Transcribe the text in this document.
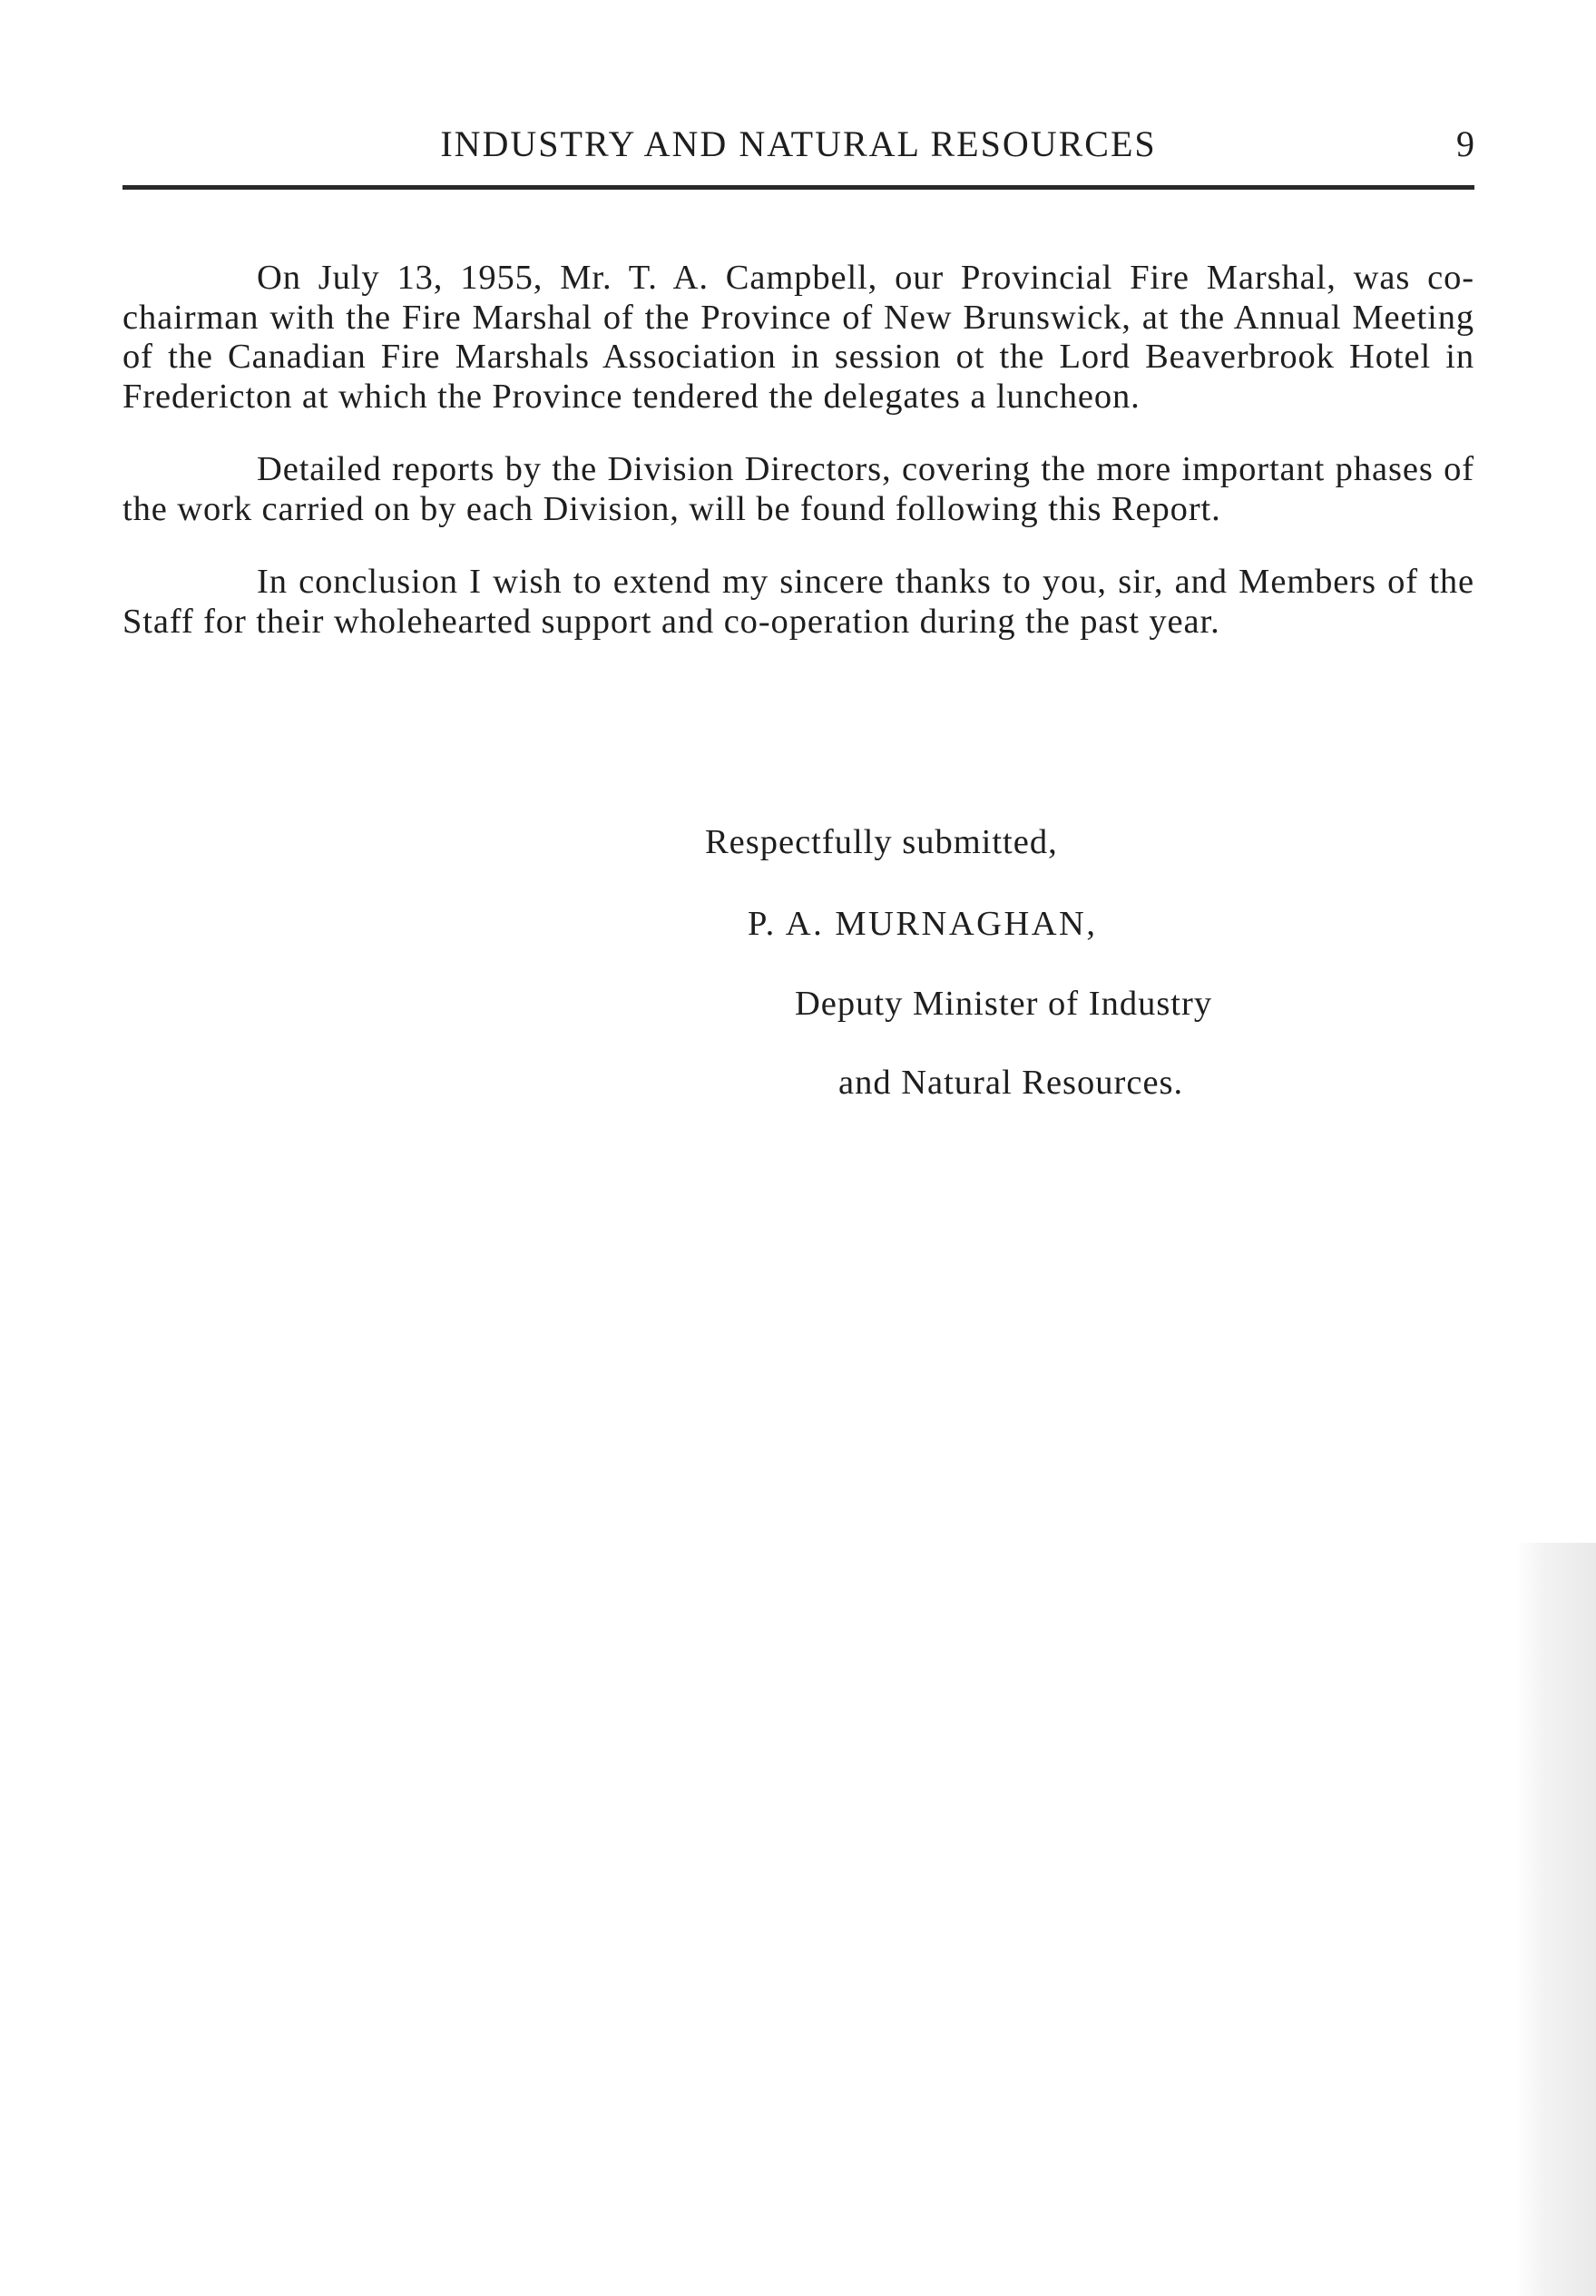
INDUSTRY AND NATURAL RESOURCES	9

On July 13, 1955, Mr. T. A. Campbell, our Provincial Fire Marshal, was co-chairman with the Fire Marshal of the Province of New Brunswick, at the Annual Meeting of the Canadian Fire Marshals Association in session ot the Lord Beaverbrook Hotel in Fredericton at which the Province tendered the delegates a luncheon.

Detailed reports by the Division Directors, covering the more important phases of the work carried on by each Division, will be found following this Report.

In conclusion I wish to extend my sincere thanks to you, sir, and Members of the Staff for their wholehearted support and co-operation during the past year.

Respectfully submitted,
P. A. MURNAGHAN,
Deputy Minister of Industry
and Natural Resources.
